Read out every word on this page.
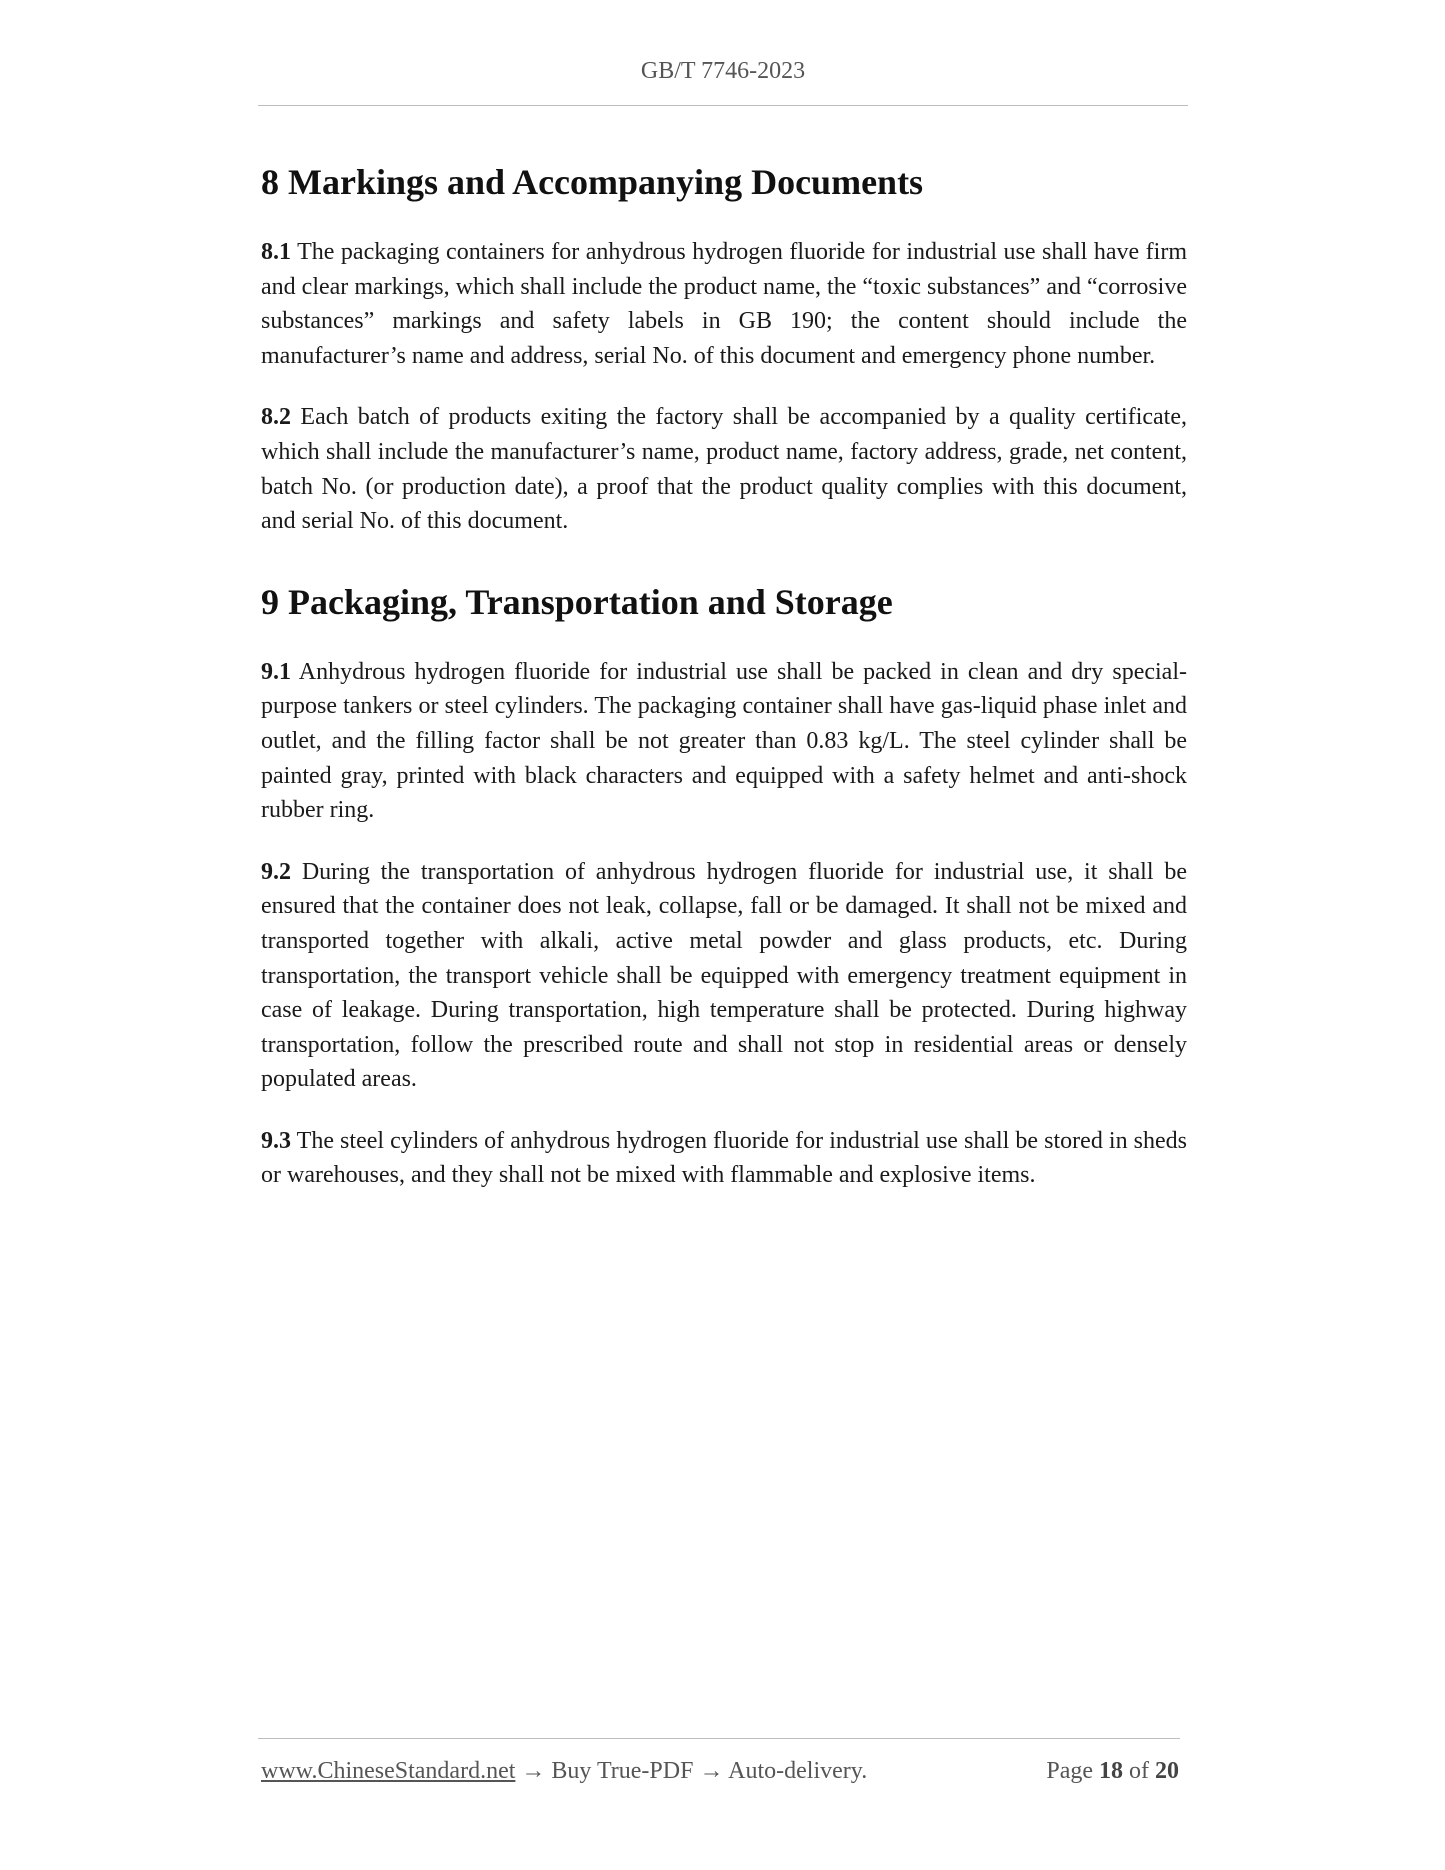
GB/T 7746-2023
8 Markings and Accompanying Documents

8.1 The packaging containers for anhydrous hydrogen fluoride for industrial use shall have firm and clear markings, which shall include the product name, the “toxic substances” and “corrosive substances” markings and safety labels in GB 190; the content should include the manufacturer’s name and address, serial No. of this document and emergency phone number.

8.2 Each batch of products exiting the factory shall be accompanied by a quality certificate, which shall include the manufacturer’s name, product name, factory address, grade, net content, batch No. (or production date), a proof that the product quality complies with this document, and serial No. of this document.

9 Packaging, Transportation and Storage

9.1 Anhydrous hydrogen fluoride for industrial use shall be packed in clean and dry special-purpose tankers or steel cylinders. The packaging container shall have gas-liquid phase inlet and outlet, and the filling factor shall be not greater than 0.83 kg/L. The steel cylinder shall be painted gray, printed with black characters and equipped with a safety helmet and anti-shock rubber ring.

9.2 During the transportation of anhydrous hydrogen fluoride for industrial use, it shall be ensured that the container does not leak, collapse, fall or be damaged. It shall not be mixed and transported together with alkali, active metal powder and glass products, etc. During transportation, the transport vehicle shall be equipped with emergency treatment equipment in case of leakage. During transportation, high temperature shall be protected. During highway transportation, follow the prescribed route and shall not stop in residential areas or densely populated areas.

9.3 The steel cylinders of anhydrous hydrogen fluoride for industrial use shall be stored in sheds or warehouses, and they shall not be mixed with flammable and explosive items.

www.ChineseStandard.net → Buy True-PDF → Auto-delivery.	Page 18 of 20
